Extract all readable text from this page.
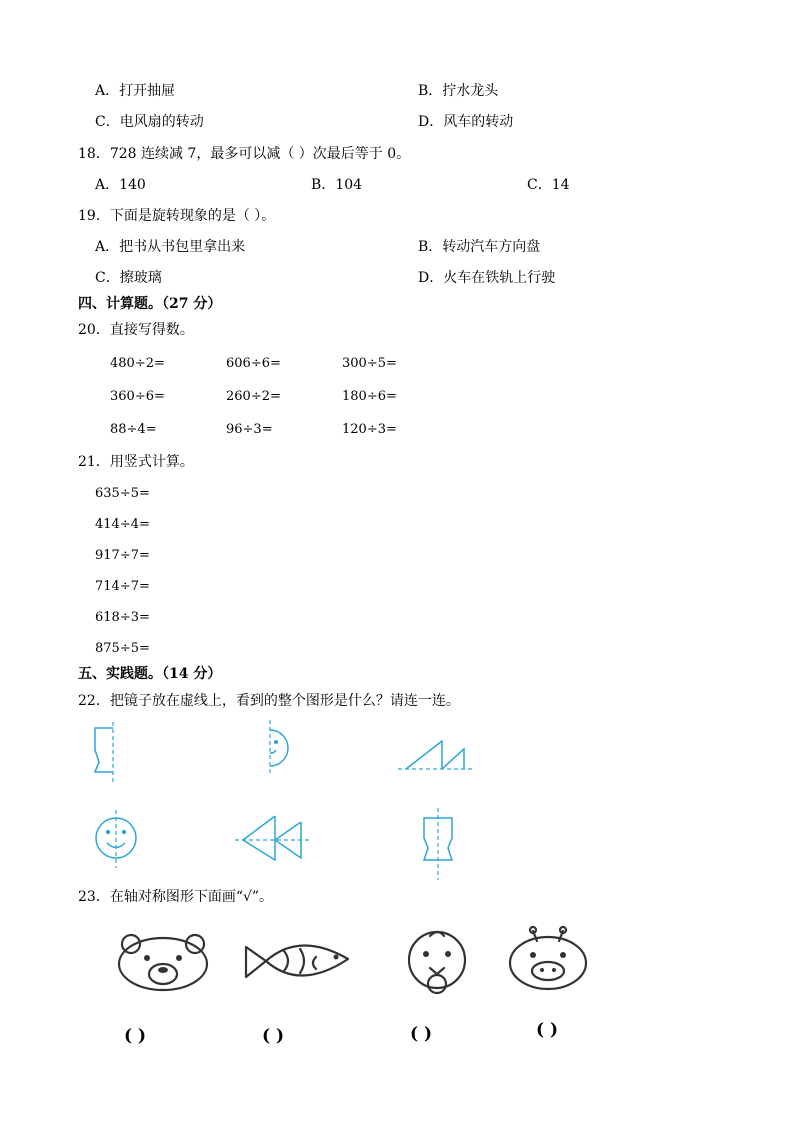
A．打开抽屉	B．拧水龙头
C．电风扇的转动	D．风车的转动
18．728 连续减 7，最多可以减（ ）次最后等于 0。
A．140	B．104	C．14
19．下面是旋转现象的是（ ）。
A．把书从书包里拿出来	B．转动汽车方向盘
C．擦玻璃	D．火车在铁轨上行驶
四、计算题。（27 分）
20．直接写得数。
480÷2=	606÷6=	300÷5=
360÷6=	260÷2=	180÷6=
88÷4=	96÷3=	120÷3=
21．用竖式计算。
635÷5=
414÷4=
917÷7=
714÷7=
618÷3=
875÷5=
五、实践题。（14 分）
22．把镜子放在虚线上，看到的整个图形是什么？请连一连。
23．在轴对称图形下面画“√”。
( )	( )	( )	( )
